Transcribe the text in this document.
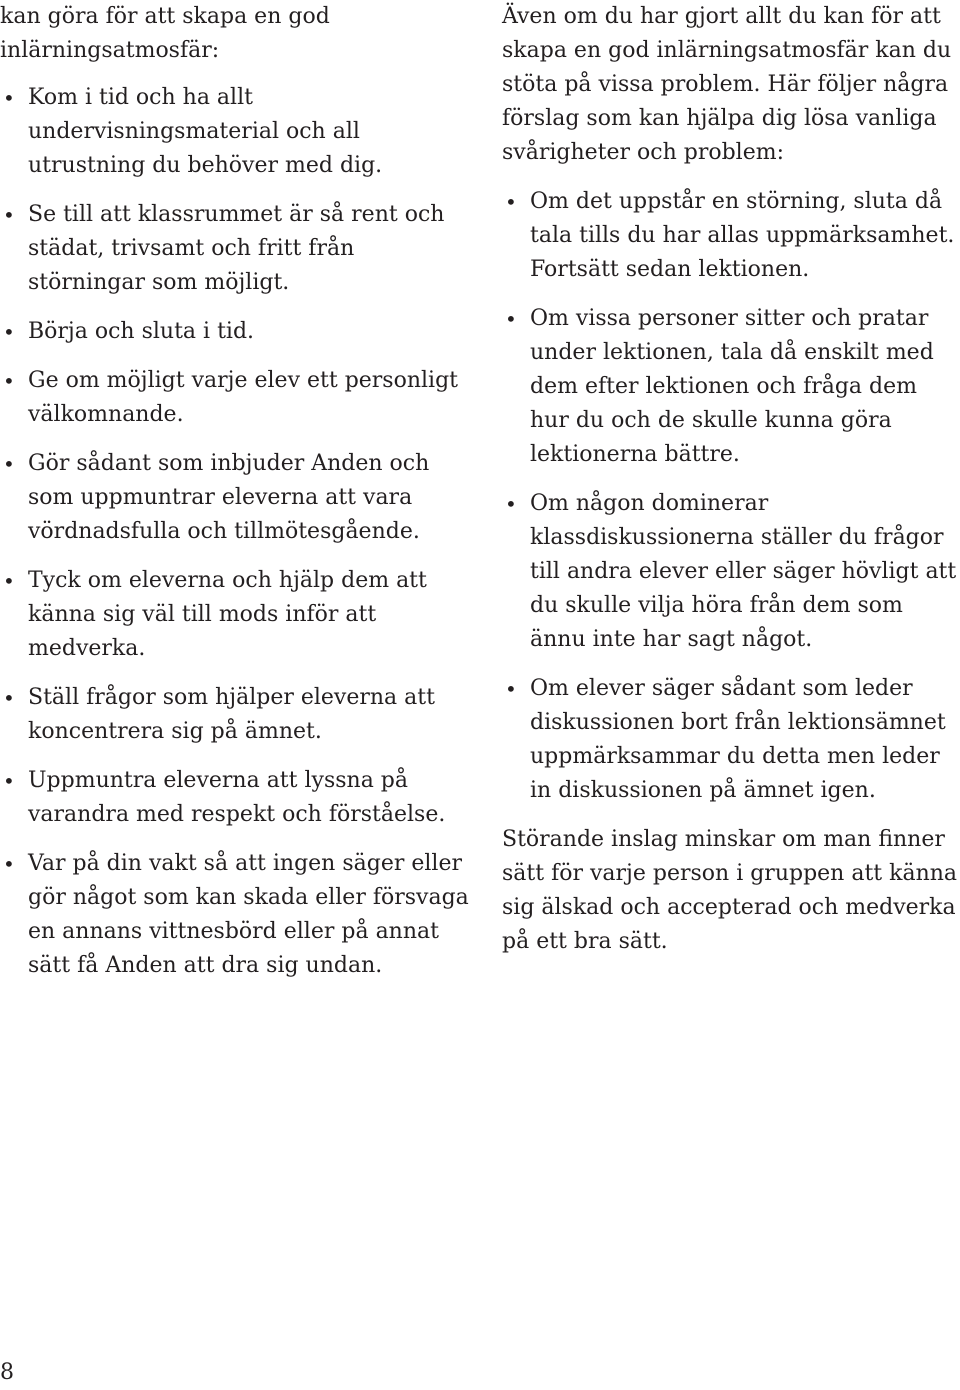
kan göra för att skapa en god inlärningsatmosfär:

• Kom i tid och ha allt undervisningsmaterial och all utrustning du behöver med dig.
• Se till att klassrummet är så rent och städat, trivsamt och fritt från störningar som möjligt.
• Börja och sluta i tid.
• Ge om möjligt varje elev ett personligt välkomnande.
• Gör sådant som inbjuder Anden och som uppmuntrar eleverna att vara vördnadsfulla och tillmötesgående.
• Tyck om eleverna och hjälp dem att känna sig väl till mods inför att medverka.
• Ställ frågor som hjälper eleverna att koncentrera sig på ämnet.
• Uppmuntra eleverna att lyssna på varandra med respekt och förståelse.
• Var på din vakt så att ingen säger eller gör något som kan skada eller försvaga en annans vittnesbörd eller på annat sätt få Anden att dra sig undan.

Även om du har gjort allt du kan för att skapa en god inlärningsatmosfär kan du stöta på vissa problem. Här följer några förslag som kan hjälpa dig lösa vanliga svårigheter och problem:

• Om det uppstår en störning, sluta då tala tills du har allas uppmärksamhet. Fortsätt sedan lektionen.
• Om vissa personer sitter och pratar under lektionen, tala då enskilt med dem efter lektionen och fråga dem hur du och de skulle kunna göra lektionerna bättre.
• Om någon dominerar klassdiskussionerna ställer du frågor till andra elever eller säger hövligt att du skulle vilja höra från dem som ännu inte har sagt något.
• Om elever säger sådant som leder diskussionen bort från lektionsämnet uppmärksammar du detta men leder in diskussionen på ämnet igen.

Störande inslag minskar om man finner sätt för varje person i gruppen att känna sig älskad och accepterad och medverka på ett bra sätt.

8
